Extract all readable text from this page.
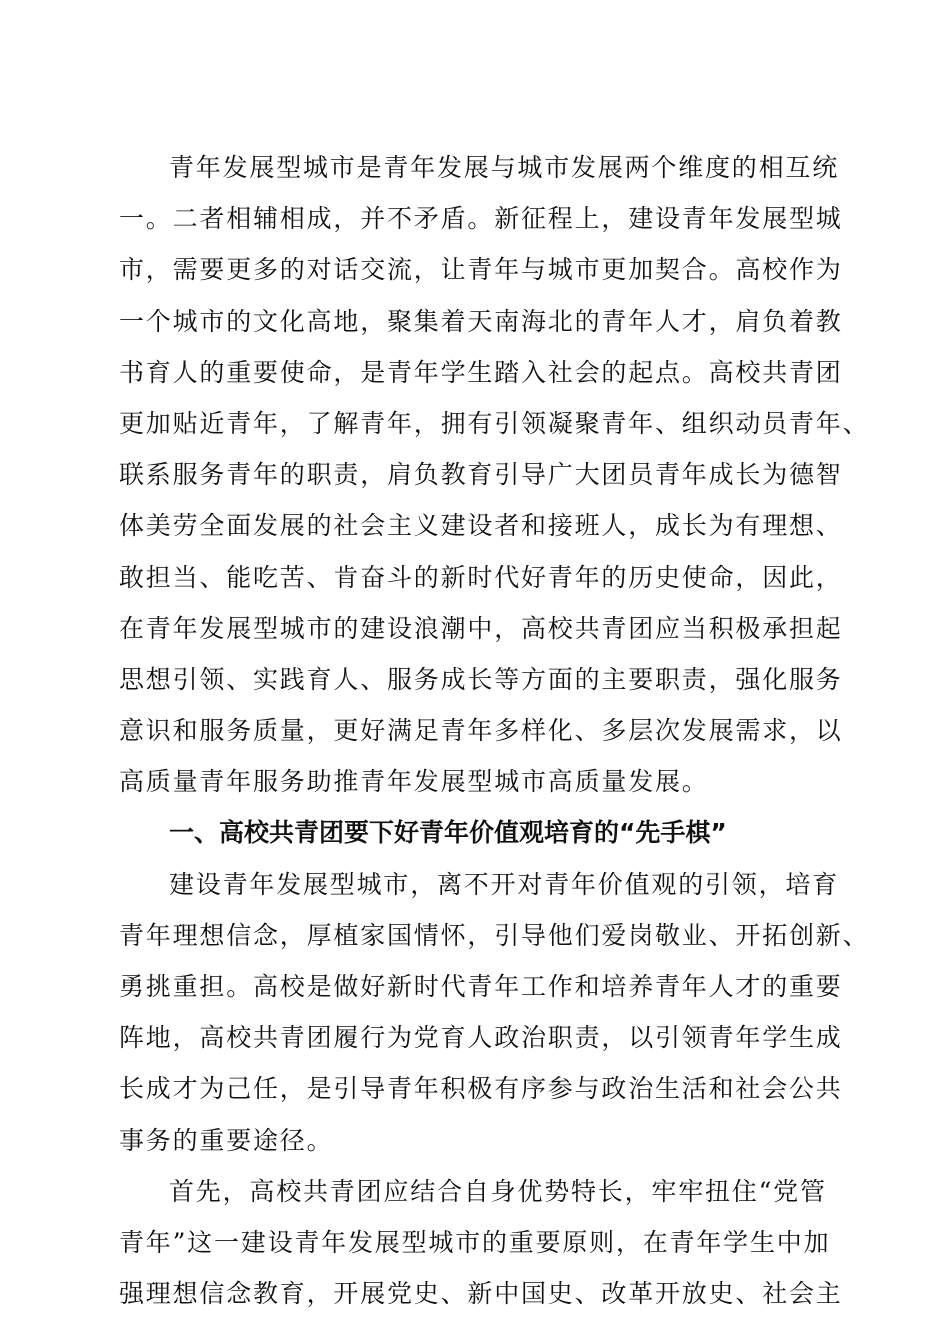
青年发展型城市是青年发展与城市发展两个维度的相互统
一。二者相辅相成，并不矛盾。新征程上，建设青年发展型城
市，需要更多的对话交流，让青年与城市更加契合。高校作为
一个城市的文化高地，聚集着天南海北的青年人才，肩负着教
书育人的重要使命，是青年学生踏入社会的起点。高校共青团
更加贴近青年，了解青年，拥有引领凝聚青年、组织动员青年、
联系服务青年的职责，肩负教育引导广大团员青年成长为德智
体美劳全面发展的社会主义建设者和接班人，成长为有理想、
敢担当、能吃苦、肯奋斗的新时代好青年的历史使命，因此，
在青年发展型城市的建设浪潮中，高校共青团应当积极承担起
思想引领、实践育人、服务成长等方面的主要职责，强化服务
意识和服务质量，更好满足青年多样化、多层次发展需求，以
高质量青年服务助推青年发展型城市高质量发展。
一、高校共青团要下好青年价值观培育的“先手棋”
建设青年发展型城市，离不开对青年价值观的引领，培育
青年理想信念，厚植家国情怀，引导他们爱岗敬业、开拓创新、
勇挑重担。高校是做好新时代青年工作和培养青年人才的重要
阵地，高校共青团履行为党育人政治职责，以引领青年学生成
长成才为己任，是引导青年积极有序参与政治生活和社会公共
事务的重要途径。
首先，高校共青团应结合自身优势特长，牢牢扭住“党管
青年”这一建设青年发展型城市的重要原则，在青年学生中加
强理想信念教育，开展党史、新中国史、改革开放史、社会主
